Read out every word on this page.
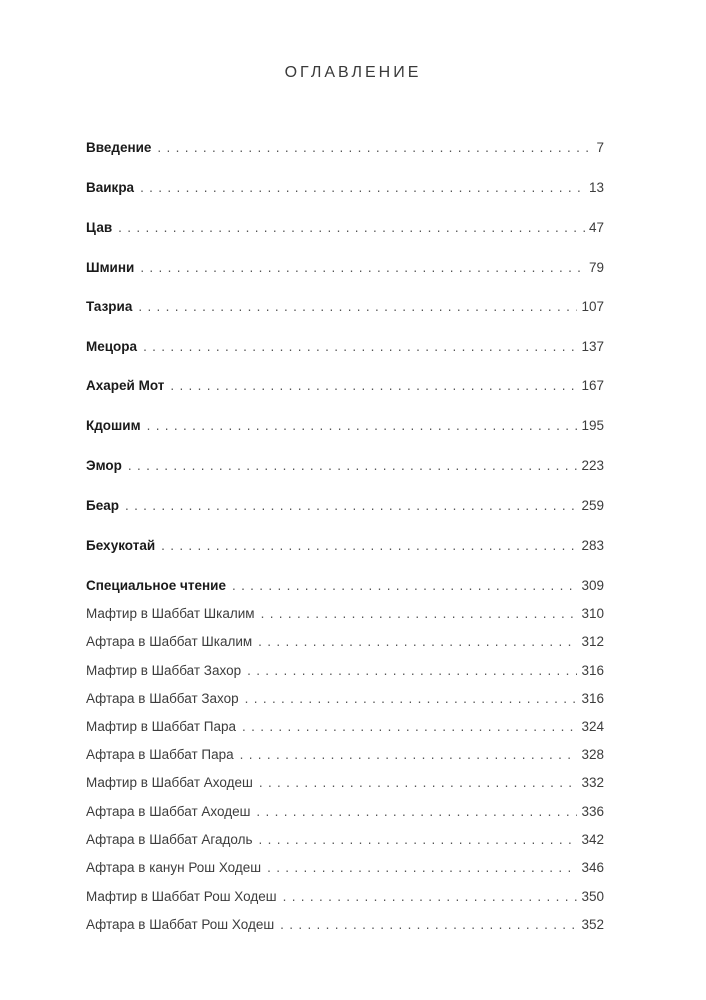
ОГЛАВЛЕНИЕ
Введение . . .	7
Ваикра . . .	13
Цав . . .	47
Шмини . . .	79
Тазриа . . .	107
Мецора . . .	137
Ахарей Мот . . .	167
Кдошим . . .	195
Эмор . . .	223
Беар . . .	259
Бехукотай . . .	283
Специальное чтение . . .	309
Мафтир в Шаббат Шкалим . . .	310
Афтара в Шаббат Шкалим . . .	312
Мафтир в Шаббат Захор . . .	316
Афтара в Шаббат Захор . . .	316
Мафтир в Шаббат Пара . . .	324
Афтара в Шаббат Пара . . .	328
Мафтир в Шаббат Аходеш . . .	332
Афтара в Шаббат Аходеш . . .	336
Афтара в Шаббат Агадоль . . .	342
Афтара в канун Рош Ходеш . . .	346
Мафтир в Шаббат Рош Ходеш . . .	350
Афтара в Шаббат Рош Ходеш . . .	352
